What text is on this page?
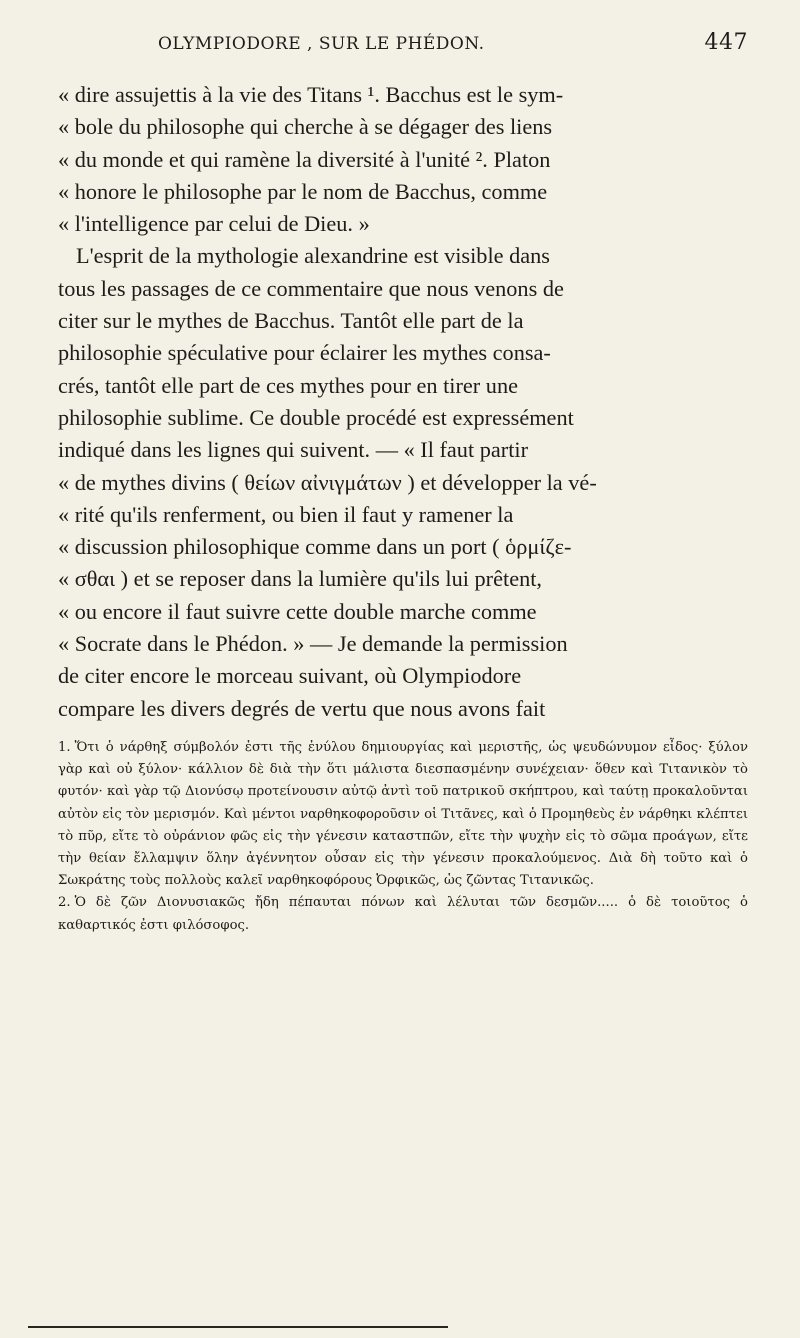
OLYMPIODORE , SUR LE PHÉDON.	447

« dire assujettis à la vie des Titans ¹. Bacchus est le sym-

« bole du philosophe qui cherche à se dégager des liens

« du monde et qui ramène la diversité à l'unité ². Platon

« honore le philosophe par le nom de Bacchus, comme

« l'intelligence par celui de Dieu. »

L'esprit de la mythologie alexandrine est visible dans

tous les passages de ce commentaire que nous venons de

citer sur le mythes de Bacchus. Tantôt elle part de la

philosophie spéculative pour éclairer les mythes consa-

crés, tantôt elle part de ces mythes pour en tirer une

philosophie sublime. Ce double procédé est expressément

indiqué dans les lignes qui suivent. — « Il faut partir

« de mythes divins ( θείων αἰνιγμάτων ) et développer la vé-

« rité qu'ils renferment, ou bien il faut y ramener la

« discussion philosophique comme dans un port ( ὁρμίζε-

« σθαι ) et se reposer dans la lumière qu'ils lui prêtent,

« ou encore il faut suivre cette double marche comme

« Socrate dans le Phédon. » — Je demande la permission

de citer encore le morceau suivant, où Olympiodore

compare les divers degrés de vertu que nous avons fait

1. Ὅτι ὁ νάρθηξ σύμβολόν ἐστι τῆς ἐνύλου δημιουργίας καὶ μεριστῆς, ὡς ψευδώνυμον εἶδος· ξύλον γὰρ καὶ οὐ ξύλον· κάλλιον δὲ διὰ τὴν ὅτι μάλιστα διεσπασμένην συνέχειαν· ὅθεν καὶ Τιτανικὸν τὸ φυτόν· καὶ γὰρ τῷ Διονύσῳ προτείνουσιν αὐτῷ ἀντὶ τοῦ πατρικοῦ σκήπτρου, καὶ ταύτῃ προκαλοῦνται αὐτὸν εἰς τὸν μερισμόν. Καὶ μέντοι ναρθηκοφοροῦσιν οἱ Τιτᾶνες, καὶ ὁ Προμηθεὺς ἐν νάρθηκι κλέπτει τὸ πῦρ, εἴτε τὸ οὐράνιον φῶς εἰς τὴν γένεσιν καταστπῶν, εἴτε τὴν ψυχὴν εἰς τὸ σῶμα προάγων, εἴτε τὴν θείαν ἔλλαμψιν ὅλην ἀγέννητον οὖσαν εἰς τὴν γένεσιν προκαλούμενος. Διὰ δὴ τοῦτο καὶ ὁ Σωκράτης τοὺς πολλοὺς καλεῖ ναρθηκοφόρους Ὀρφικῶς, ὡς ζῶντας Τιτανικῶς.

2. Ὁ δὲ ζῶν Διονυσιακῶς ἤδη πέπαυται πόνων καὶ λέλυται τῶν δεσμῶν..... ὁ δὲ τοιοῦτος ὁ καθαρτικός ἐστι φιλόσοφος.
